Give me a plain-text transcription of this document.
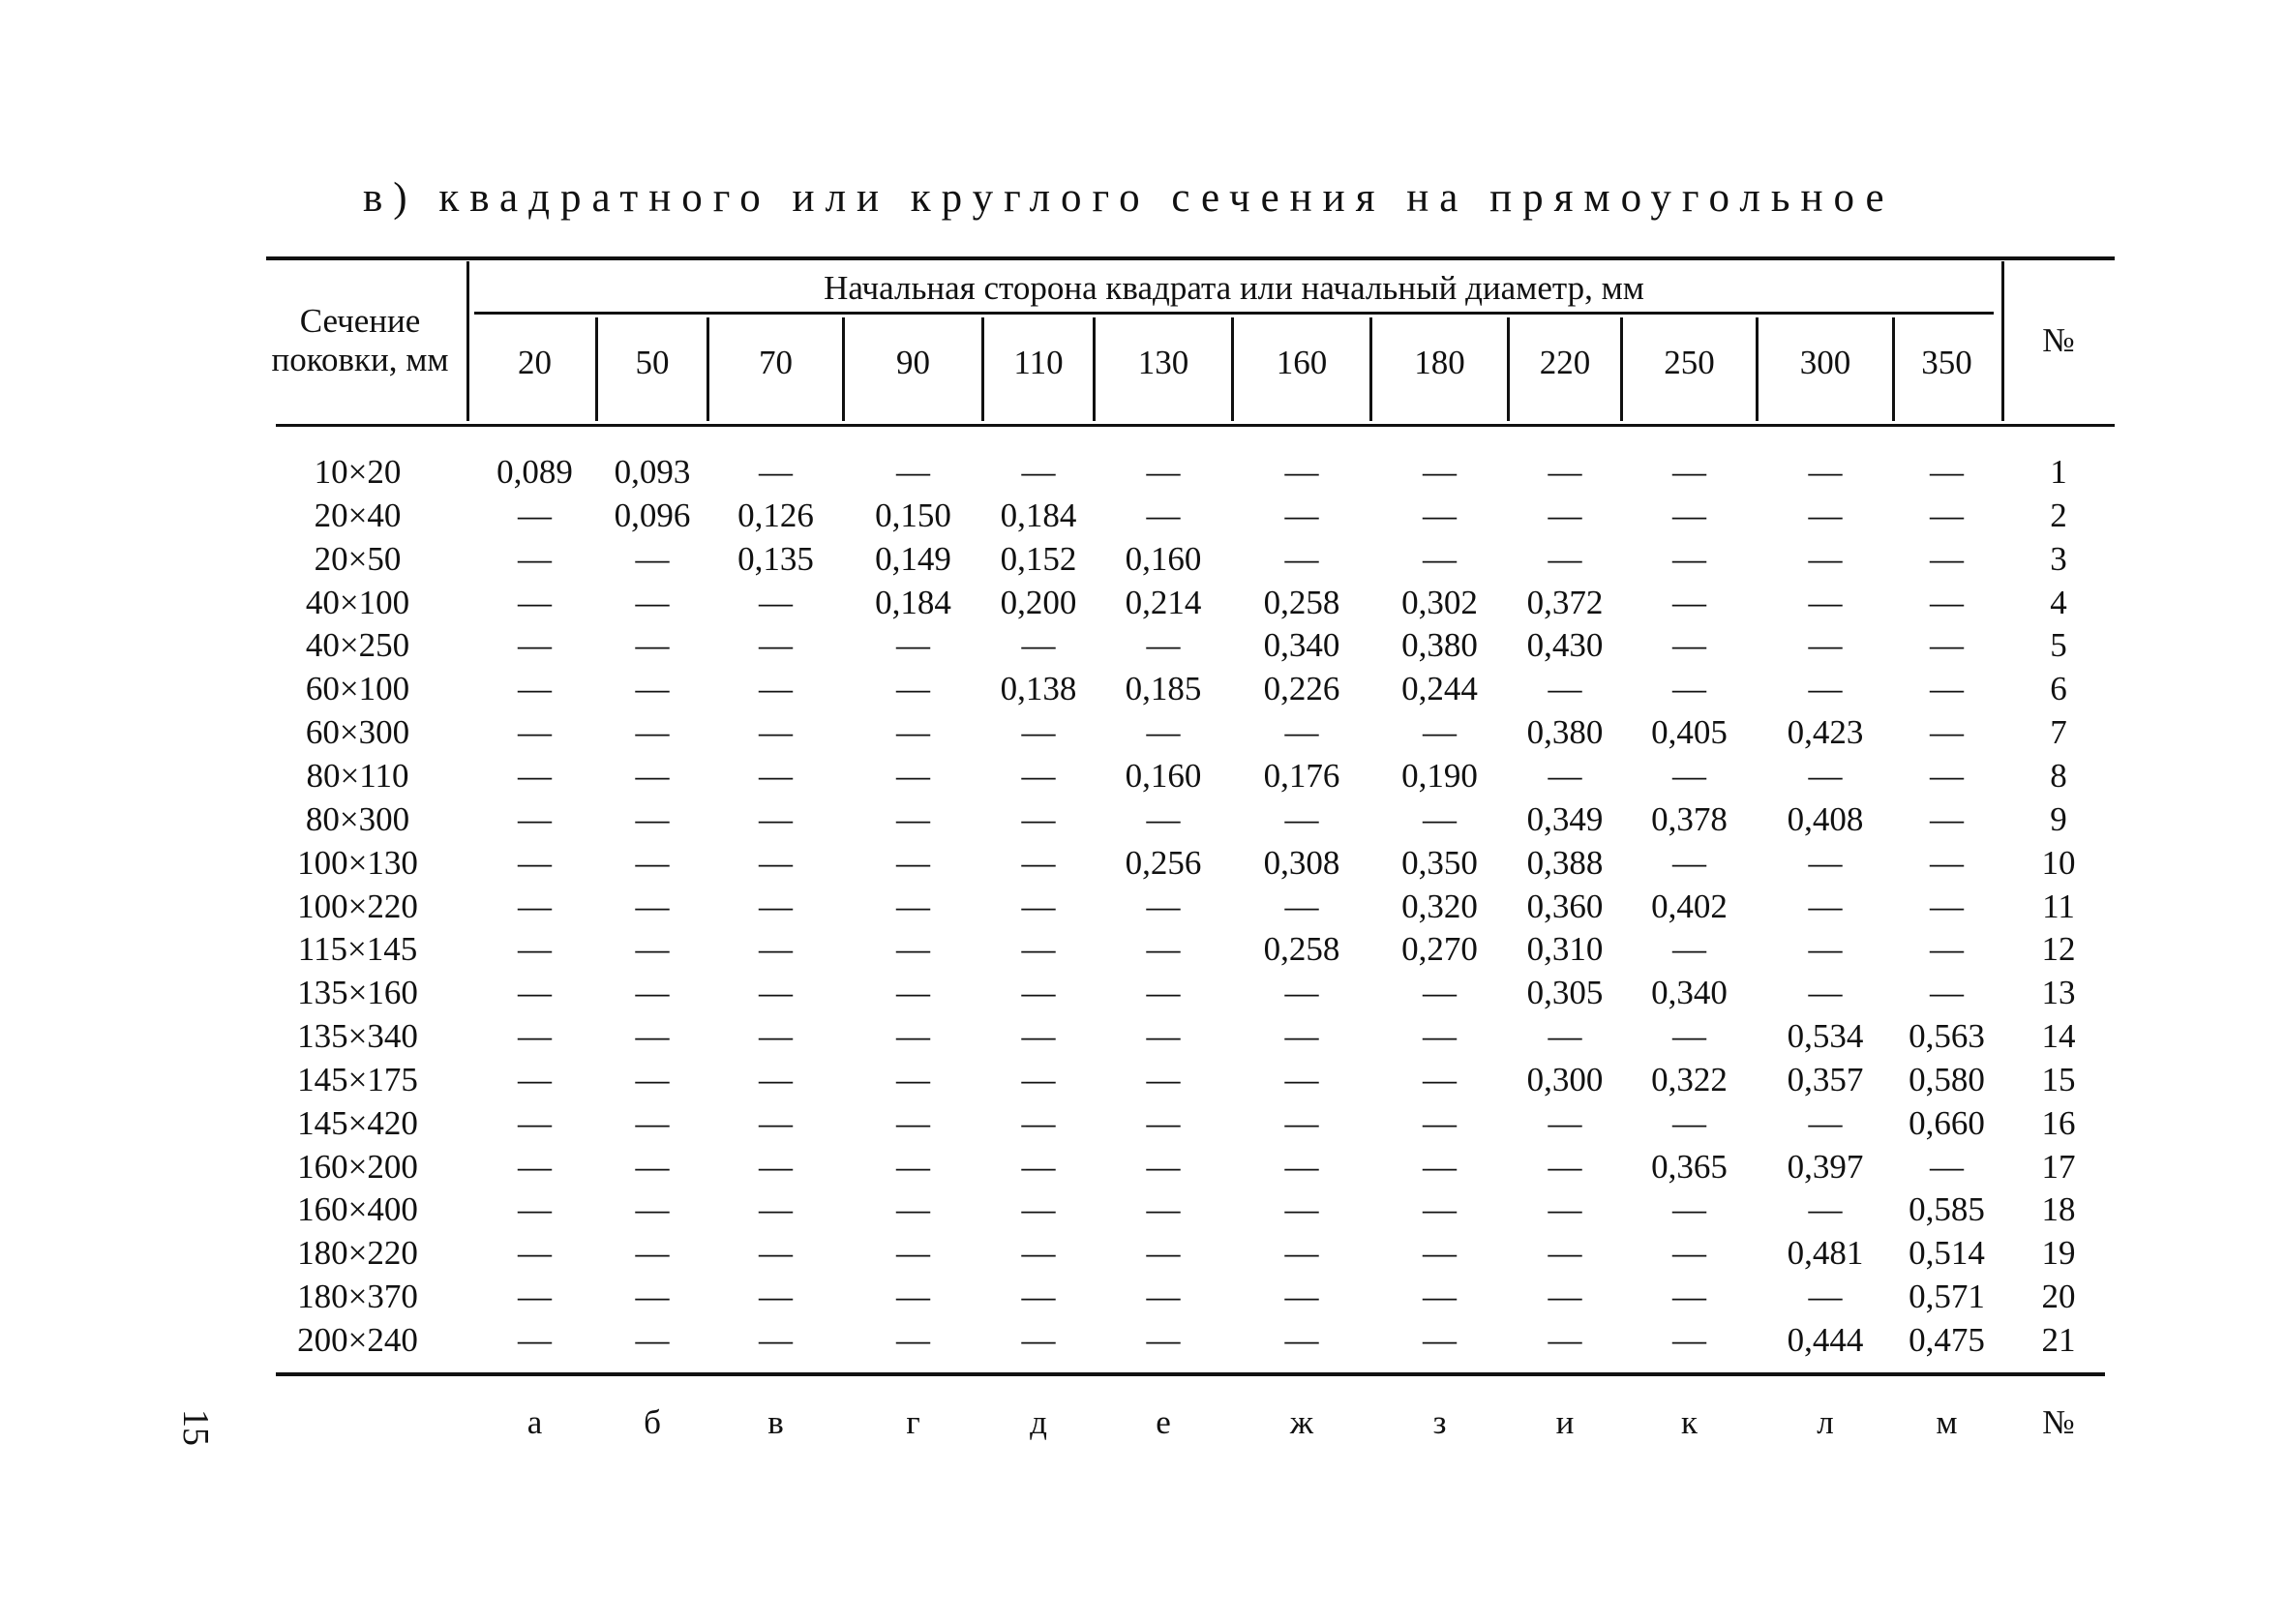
в) квадратного или круглого сечения на прямоугольное
15
Сечение
поковки, мм
Начальная сторона квадрата или начальный диаметр, мм
№
20	50	70	90	110	130	160	180	220	250	300	350
10×20	0,089	0,093	—	—	—	—	—	—	—	—	—	—	1
20×40	—	0,096	0,126	0,150	0,184	—	—	—	—	—	—	—	2
20×50	—	—	0,135	0,149	0,152	0,160	—	—	—	—	—	—	3
40×100	—	—	—	0,184	0,200	0,214	0,258	0,302	0,372	—	—	—	4
40×250	—	—	—	—	—	—	0,340	0,380	0,430	—	—	—	5
60×100	—	—	—	—	0,138	0,185	0,226	0,244	—	—	—	—	6
60×300	—	—	—	—	—	—	—	—	0,380	0,405	0,423	—	7
80×110	—	—	—	—	—	0,160	0,176	0,190	—	—	—	—	8
80×300	—	—	—	—	—	—	—	—	0,349	0,378	0,408	—	9
100×130	—	—	—	—	—	0,256	0,308	0,350	0,388	—	—	—	10
100×220	—	—	—	—	—	—	—	0,320	0,360	0,402	—	—	11
115×145	—	—	—	—	—	—	0,258	0,270	0,310	—	—	—	12
135×160	—	—	—	—	—	—	—	—	0,305	0,340	—	—	13
135×340	—	—	—	—	—	—	—	—	—	—	0,534	0,563	14
145×175	—	—	—	—	—	—	—	—	0,300	0,322	0,357	0,580	15
145×420	—	—	—	—	—	—	—	—	—	—	—	0,660	16
160×200	—	—	—	—	—	—	—	—	—	0,365	0,397	—	17
160×400	—	—	—	—	—	—	—	—	—	—	—	0,585	18
180×220	—	—	—	—	—	—	—	—	—	—	0,481	0,514	19
180×370	—	—	—	—	—	—	—	—	—	—	—	0,571	20
200×240	—	—	—	—	—	—	—	—	—	—	0,444	0,475	21
а	б	в	г	д	е	ж	з	и	к	л	м	№
